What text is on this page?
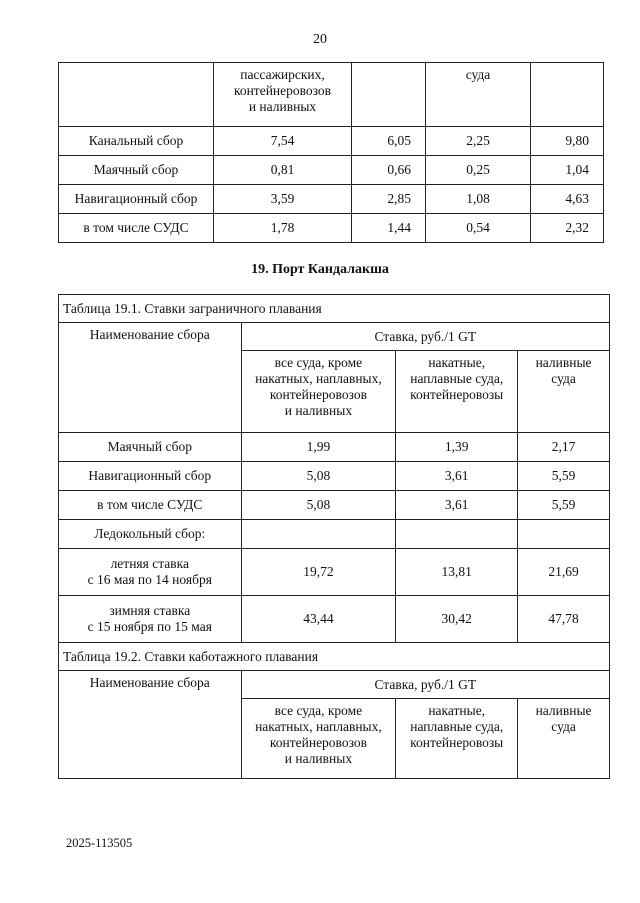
20
	пассажирских,
контейнеровозов
и наливных		суда	
Канальный сбор	7,54	6,05	2,25	9,80
Маячный сбор	0,81	0,66	0,25	1,04
Навигационный сбор	3,59	2,85	1,08	4,63
в том числе СУДС	1,78	1,44	0,54	2,32
19. Порт Кандалакша
Таблица 19.1. Ставки заграничного плавания			
Наименование сбора	Ставка, руб./1 GT		
	все суда, кроме
накатных, наплавных,
контейнеровозов
и наливных	накатные,
наплавные суда,
контейнеровозы	наливные
суда
Маячный сбор	1,99	1,39	2,17
Навигационный сбор	5,08	3,61	5,59
в том числе СУДС	5,08	3,61	5,59
Ледокольный сбор:			
летняя ставка
с 16 мая по 14 ноября	19,72	13,81	21,69
зимняя ставка
с 15 ноября по 15 мая	43,44	30,42	47,78
Таблица 19.2. Ставки каботажного плавания			
Наименование сбора	Ставка, руб./1 GT		
	все суда, кроме
накатных, наплавных,
контейнеровозов
и наливных	накатные,
наплавные суда,
контейнеровозы	наливные
суда
2025-113505
